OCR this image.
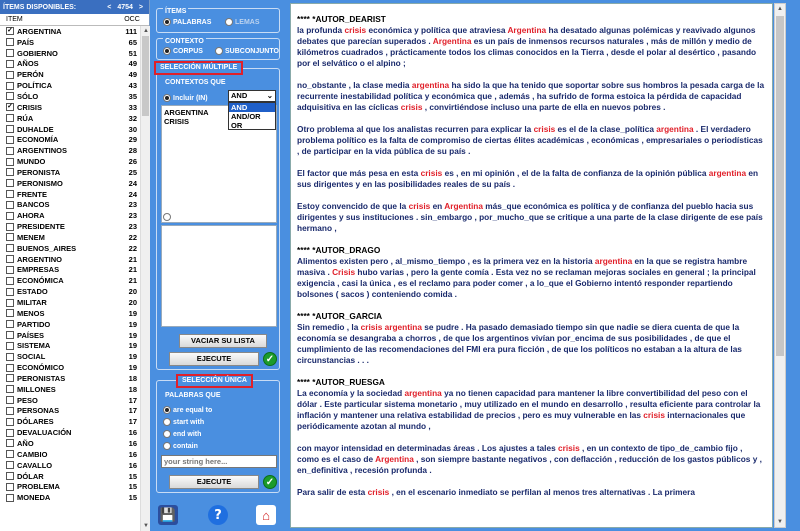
ÍTEMS DISPONIBLES:	< 4754 >
ITEM	OCC
✓ ARGENTINA	111
PAÍS	65
GOBIERNO	51
AÑOS	49
PERÓN	49
POLÍTICA	43
SÓLO	35
✓ CRISIS	33
RÚA	32
DUHALDE	30
ECONOMÍA	29
ARGENTINOS	28
MUNDO	26
PERONISTA	25
PERONISMO	24
FRENTE	24
BANCOS	23
AHORA	23
PRESIDENTE	23
MENEM	22
BUENOS_AIRES	22
ARGENTINO	21
EMPRESAS	21
ECONÓMICA	21
ESTADO	20
MILITAR	20
MENOS	19
PARTIDO	19
PAÍSES	19
SISTEMA	19
SOCIAL	19
ECONÓMICO	19
PERONISTAS	18
MILLONES	18
PESO	17
PERSONAS	17
DÓLARES	17
DEVALUACIÓN	16
AÑO	16
CAMBIO	16
CAVALLO	16
DÓLAR	15
PROBLEMA	15
MONEDA	15
▲
▼
ÍTEMS
PALABRAS	LEMAS
CONTEXTO
CORPUS	SUBCONJUNTO
CONTEXTOS QUE
Incluir (IN)
ARGENTINA
CRISIS
Excluir (OUT) - NOT
VACIAR SU LISTA
EJECUTE	✓
SELECCIÓN MÚLTIPLE
AND	⌄
AND
AND/OR
OR
PALABRAS QUE
are equal to
start with
end with
contain
your string here...
EJECUTE	✓
SELECCIÓN ÚNICA
💾	?	⌂

**** *AUTOR_DEARIST
la profunda crisis económica y política que atraviesa Argentina ha desatado algunas polémicas y reavivado algunos debates que parecían superados . Argentina es un país de inmensos recursos naturales , más de millón y medio de kilómetros cuadrados , prácticamente todos los climas conocidos en la Tierra , desde el polar al desértico , pasando por el selvático o el alpino ;

no_obstante , la clase media argentina ha sido la que ha tenido que soportar sobre sus hombros la pesada carga de la recurrente inestabilidad política y económica que , además , ha sufrido de forma estoica la pérdida de capacidad adquisitiva en las cíclicas crisis , convirtiéndose incluso una parte de ella en nuevos pobres .

Otro problema al que los analistas recurren para explicar la crisis es el de la clase_política argentina . El verdadero problema político es la falta de compromiso de ciertas élites académicas , económicas , empresariales o periodísticas , de participar en la vida pública de su país .

El factor que más pesa en esta crisis es , en mi opinión , el de la falta de confianza de la opinión pública argentina en sus dirigentes y en las posibilidades reales de su país .

Estoy convencido de que la crisis en Argentina más_que económica es política y de confianza del pueblo hacia sus dirigentes y sus instituciones . sin_embargo , por_mucho_que se critique a una parte de la clase dirigente de ese país hermano ,

**** *AUTOR_DRAGO
Alimentos existen pero , al_mismo_tiempo , es la primera vez en la historia argentina en la que se registra hambre masiva . Crisis hubo varias , pero la gente comía . Esta vez no se reclaman mejoras sociales en general ; la principal exigencia , casi la única , es el reclamo para poder comer , a lo_que el Gobierno intentó responder repartiendo bolsones ( sacos ) conteniendo comida .

**** *AUTOR_GARCIA
Sin remedio , la crisis argentina se pudre . Ha pasado demasiado tiempo sin que nadie se diera cuenta de que la economía se desangraba a chorros , de que los argentinos vivían por_encima de sus posibilidades , de que el cumplimiento de las recomendaciones del FMI era pura ficción , de que los políticos no estaban a la altura de las circunstancias . . .

**** *AUTOR_RUESGA
La economía y la sociedad argentina ya no tienen capacidad para mantener la libre convertibilidad del peso con el dólar . Este particular sistema monetario , muy utilizado en el mundo en desarrollo , resulta eficiente para controlar la inflación y mantener una relativa estabilidad de precios , pero es muy vulnerable en las crisis internacionales que periódicamente azotan al mundo ,

con mayor intensidad en determinadas áreas . Los ajustes a tales crisis , en un contexto de tipo_de_cambio fijo , como es el caso de Argentina , son siempre bastante negativos , con deflacción , reducción de los gastos públicos y , en_definitiva , recesión profunda .

Para salir de esta crisis , en el escenario inmediato se perfilan al menos tres alternativas . La primera

▲
▼
